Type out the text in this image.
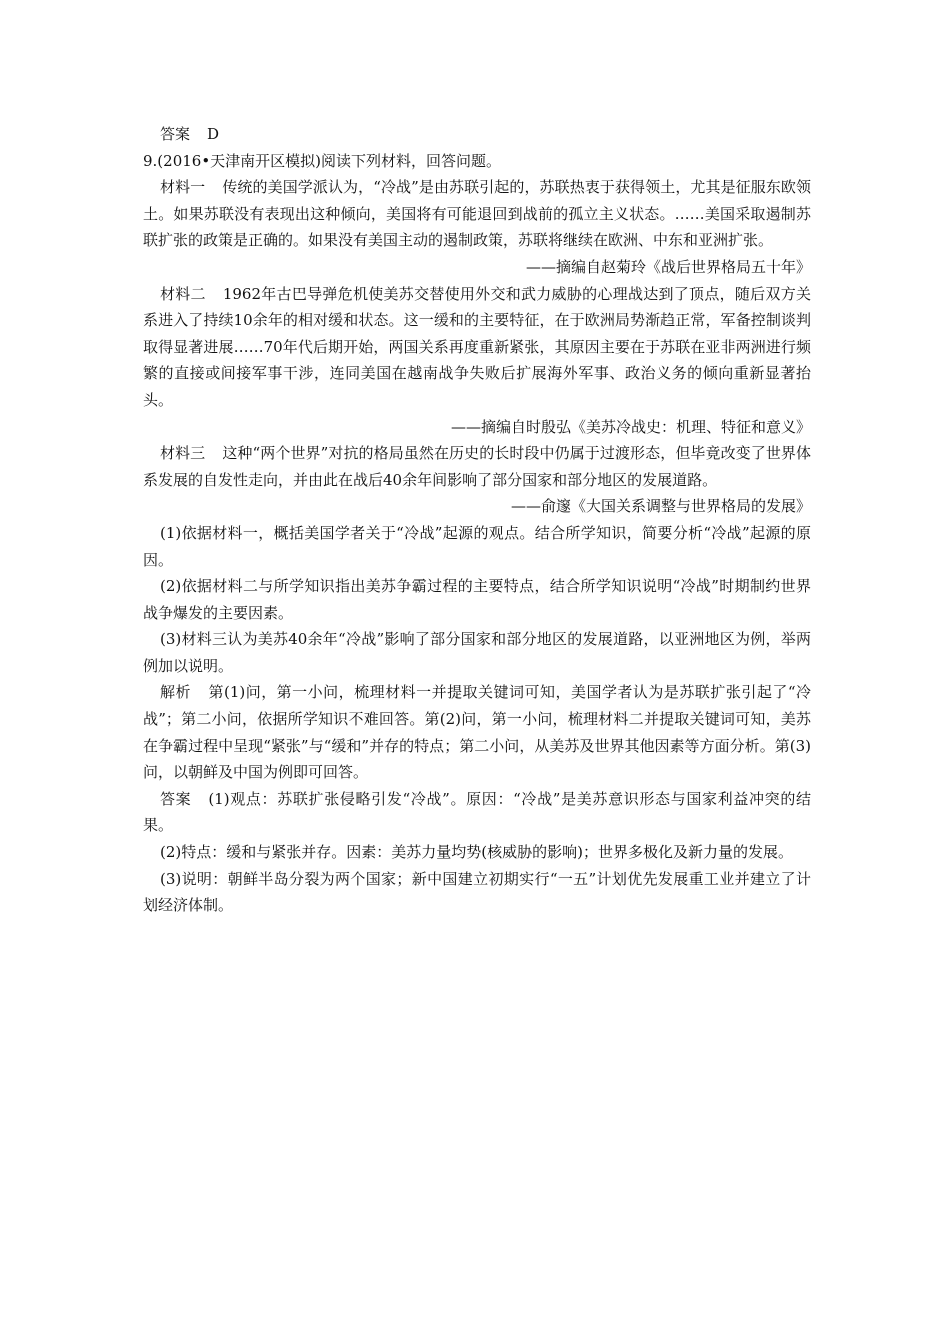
答案 D

9.(2016•天津南开区模拟)阅读下列材料，回答问题。

材料一 传统的美国学派认为，“冷战”是由苏联引起的，苏联热衷于获得领土，尤其是征服东欧领土。如果苏联没有表现出这种倾向，美国将有可能退回到战前的孤立主义状态。……美国采取遏制苏联扩张的政策是正确的。如果没有美国主动的遏制政策，苏联将继续在欧洲、中东和亚洲扩张。

——摘编自赵菊玲《战后世界格局五十年》

材料二 1962年古巴导弹危机使美苏交替使用外交和武力威胁的心理战达到了顶点，随后双方关系进入了持续10余年的相对缓和状态。这一缓和的主要特征，在于欧洲局势渐趋正常，军备控制谈判取得显著进展……70年代后期开始，两国关系再度重新紧张，其原因主要在于苏联在亚非两洲进行频繁的直接或间接军事干涉，连同美国在越南战争失败后扩展海外军事、政治义务的倾向重新显著抬头。

——摘编自时殷弘《美苏冷战史：机理、特征和意义》

材料三 这种“两个世界”对抗的格局虽然在历史的长时段中仍属于过渡形态，但毕竟改变了世界体系发展的自发性走向，并由此在战后40余年间影响了部分国家和部分地区的发展道路。

——俞邃《大国关系调整与世界格局的发展》

(1)依据材料一，概括美国学者关于“冷战”起源的观点。结合所学知识，简要分析“冷战”起源的原因。

(2)依据材料二与所学知识指出美苏争霸过程的主要特点，结合所学知识说明“冷战”时期制约世界战争爆发的主要因素。

(3)材料三认为美苏40余年“冷战”影响了部分国家和部分地区的发展道路，以亚洲地区为例，举两例加以说明。

解析 第(1)问，第一小问，梳理材料一并提取关键词可知，美国学者认为是苏联扩张引起了“冷战”；第二小问，依据所学知识不难回答。第(2)问，第一小问，梳理材料二并提取关键词可知，美苏在争霸过程中呈现“紧张”与“缓和”并存的特点；第二小问，从美苏及世界其他因素等方面分析。第(3)问，以朝鲜及中国为例即可回答。

答案 (1)观点：苏联扩张侵略引发“冷战”。原因：“冷战”是美苏意识形态与国家利益冲突的结果。

(2)特点：缓和与紧张并存。因素：美苏力量均势(核威胁的影响)；世界多极化及新力量的发展。

(3)说明：朝鲜半岛分裂为两个国家；新中国建立初期实行“一五”计划优先发展重工业并建立了计划经济体制。
